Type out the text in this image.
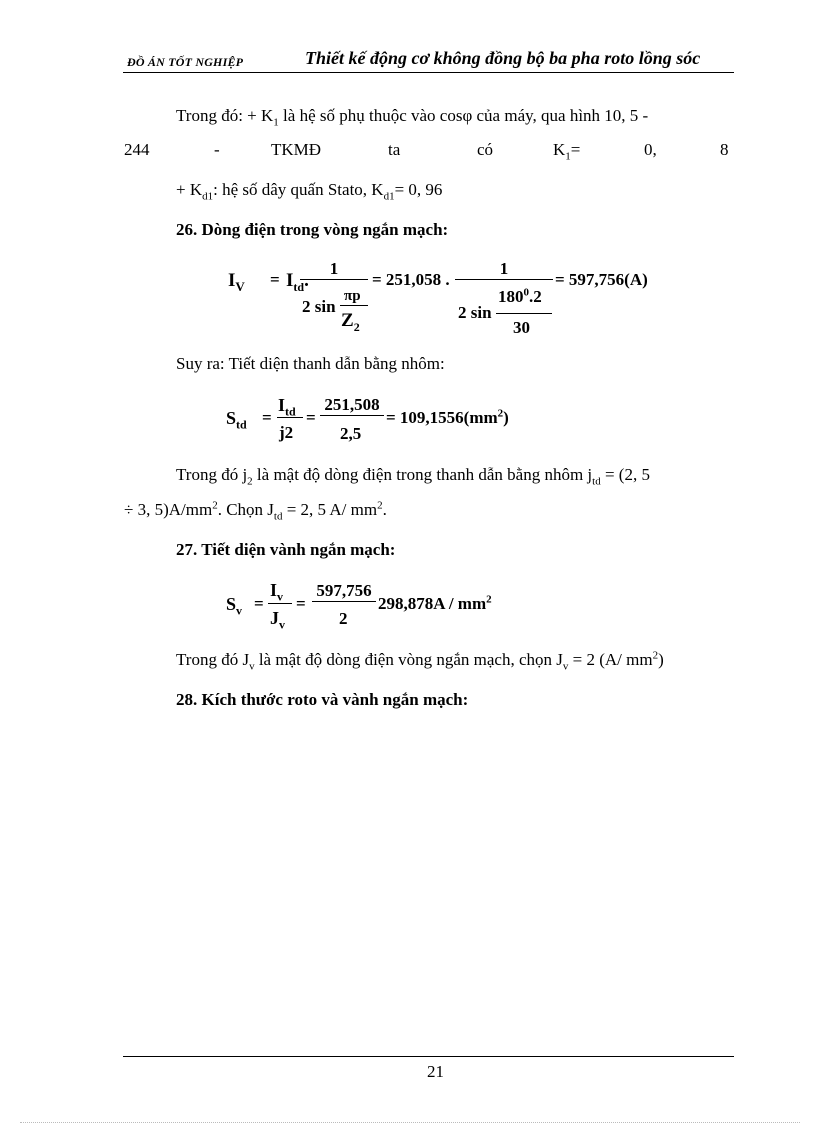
ĐỒ ÁN TỐT NGHIỆP	Thiết kế động cơ không đồng bộ ba pha roto lồng sóc
Trong đó: + $K_1$ là hệ số phụ thuộc vào cosφ của máy, qua hình 10, 5 -
244	-	TKMĐ	ta	có	$K_1=$	0,	8
+ $K_{d1}$: hệ số dây quấn Stato, $K_{d1}= 0$, 96
26. Dòng điện trong vòng ngắn mạch:
$I_V = I_{td}$.
1
2 sin
πp
$Z_2$
= 251,058 .
1
2 sin
$180^0.2$
30
= 597,756(A)
Suy ra: Tiết diện thanh dẫn bằng nhôm:
$S_{td}$ =
$I_{td}$
j2
=
251,508
2,5
= $109,1556(mm^2)$
Trong đó $j_2$ là mật độ dòng điện trong thanh dẫn bằng nhôm $j_{td} = (2$, 5
÷ 3, $5)A/mm^2$. Chọn $J_{td} = 2$, 5 A/ $mm^2$.
27. Tiết diện vành ngắn mạch:
$S_v$ =
$I_v$
$J_v$
=
597,756
2
$298,878A / mm^2$
Trong đó $J_v$ là mật độ dòng điện vòng ngắn mạch, chọn $J_v = 2$ (A/ $mm^2$)
28. Kích thước roto và vành ngắn mạch:
21
